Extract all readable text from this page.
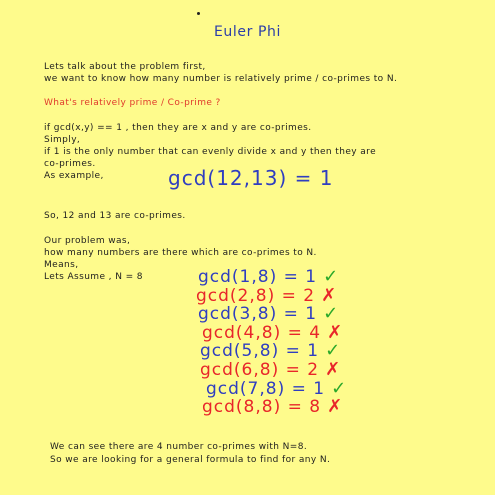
Euler Phi
Lets talk about the problem first,
we want to know how many number is relatively prime / co-primes to N.
What's relatively prime / Co-prime ?
if gcd(x,y) == 1 , then they are x and y are co-primes.
Simply,
if 1 is the only number that can evenly divide x and y then they are
co-primes.
As example,	gcd(12,13) = 1
So, 12 and 13 are co-primes.
Our problem was,
how many numbers are there which are co-primes to N.
Means,
Lets Assume , N = 8	gcd(1,8) = 1 ✓
gcd(2,8) = 2 ✗
gcd(3,8) = 1 ✓
gcd(4,8) = 4 ✗
gcd(5,8) = 1 ✓
gcd(6,8) = 2 ✗
gcd(7,8) = 1 ✓
gcd(8,8) = 8 ✗
We can see there are 4 number co-primes with N=8.
So we are looking for a general formula to find for any N.
